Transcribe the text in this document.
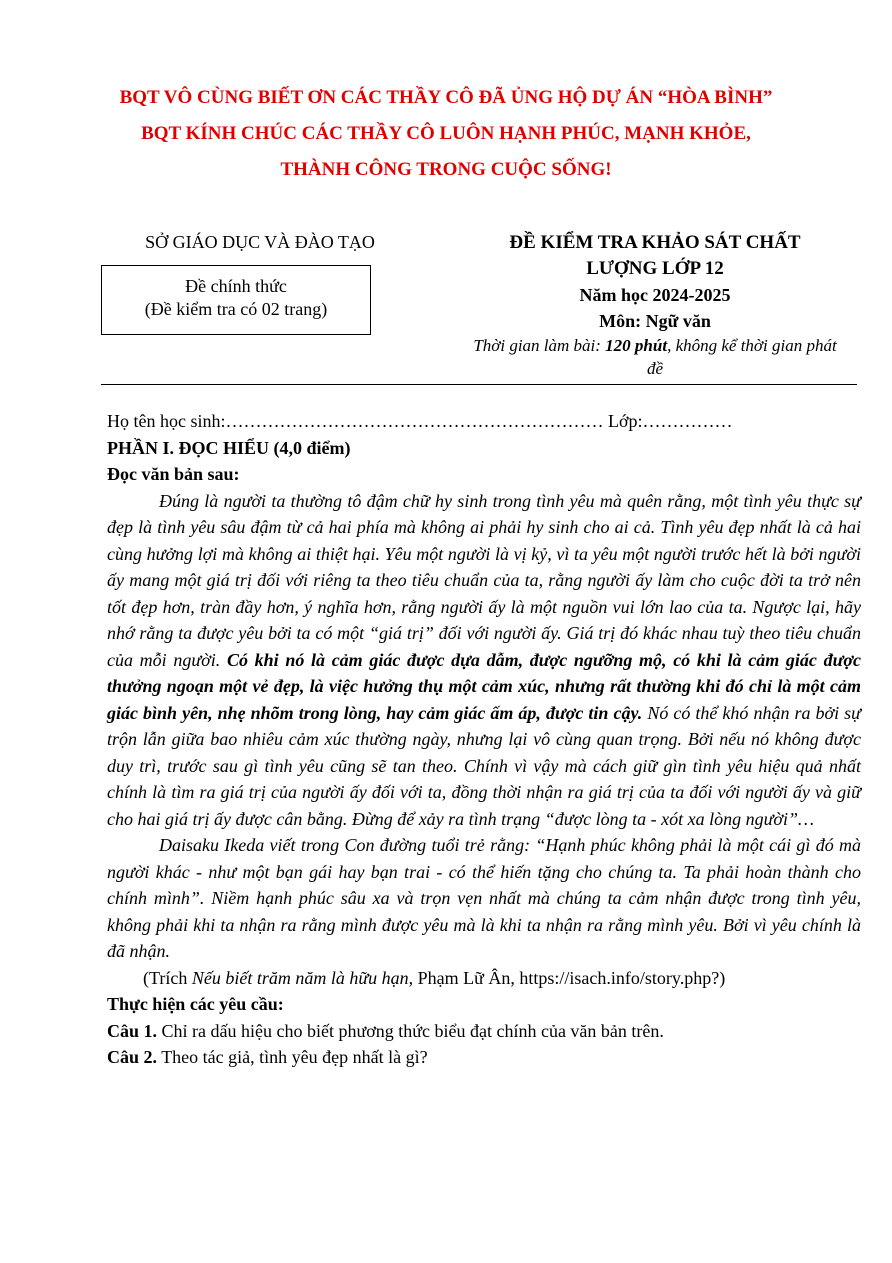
BQT VÔ CÙNG BIẾT ƠN CÁC THẦY CÔ ĐÃ ỦNG HỘ DỰ ÁN “HÒA BÌNH”
BQT KÍNH CHÚC CÁC THẦY CÔ LUÔN HẠNH PHÚC, MẠNH KHỎE,
THÀNH CÔNG TRONG CUỘC SỐNG!
SỞ GIÁO DỤC VÀ ĐÀO TẠO
Đề chính thức
(Đề kiểm tra có 02 trang)
ĐỀ KIỂM TRA KHẢO SÁT CHẤT
LƯỢNG LỚP 12
Năm học 2024-2025
Môn: Ngữ văn
Thời gian làm bài: 120 phút, không kể thời gian phát đề

Họ tên học sinh:……………………………………………………… Lớp:……………

PHẦN I. ĐỌC HIỂU (4,0 điểm)

Đọc văn bản sau:

Đúng là người ta thường tô đậm chữ hy sinh trong tình yêu mà quên rằng, một tình yêu thực sự đẹp là tình yêu sâu đậm từ cả hai phía mà không ai phải hy sinh cho ai cả. Tình yêu đẹp nhất là cả hai cùng hưởng lợi mà không ai thiệt hại. Yêu một người là vị kỷ, vì ta yêu một người trước hết là bởi người ấy mang một giá trị đối với riêng ta theo tiêu chuẩn của ta, rằng người ấy làm cho cuộc đời ta trở nên tốt đẹp hơn, tràn đầy hơn, ý nghĩa hơn, rằng người ấy là một nguồn vui lớn lao của ta. Ngược lại, hãy nhớ rằng ta được yêu bởi ta có một “giá trị” đối với người ấy. Giá trị đó khác nhau tuỳ theo tiêu chuẩn của mỗi người. Có khi nó là cảm giác được dựa dẫm, được ngưỡng mộ, có khi là cảm giác được thưởng ngoạn một vẻ đẹp, là việc hưởng thụ một cảm xúc, nhưng rất thường khi đó chỉ là một cảm giác bình yên, nhẹ nhõm trong lòng, hay cảm giác ấm áp, được tin cậy. Nó có thể khó nhận ra bởi sự trộn lẫn giữa bao nhiêu cảm xúc thường ngày, nhưng lại vô cùng quan trọng. Bởi nếu nó không được duy trì, trước sau gì tình yêu cũng sẽ tan theo. Chính vì vậy mà cách giữ gìn tình yêu hiệu quả nhất chính là tìm ra giá trị của người ấy đối với ta, đồng thời nhận ra giá trị của ta đối với người ấy và giữ cho hai giá trị ấy được cân bằng. Đừng để xảy ra tình trạng “được lòng ta - xót xa lòng người”…

Daisaku Ikeda viết trong Con đường tuổi trẻ rằng: “Hạnh phúc không phải là một cái gì đó mà người khác - như một bạn gái hay bạn trai - có thể hiến tặng cho chúng ta. Ta phải hoàn thành cho chính mình”. Niềm hạnh phúc sâu xa và trọn vẹn nhất mà chúng ta cảm nhận được trong tình yêu, không phải khi ta nhận ra rằng mình được yêu mà là khi ta nhận ra rằng mình yêu. Bởi vì yêu chính là đã nhận.

(Trích Nếu biết trăm năm là hữu hạn, Phạm Lữ Ân, https://isach.info/story.php?)

Thực hiện các yêu cầu:

Câu 1. Chỉ ra dấu hiệu cho biết phương thức biểu đạt chính của văn bản trên.

Câu 2. Theo tác giả, tình yêu đẹp nhất là gì?
